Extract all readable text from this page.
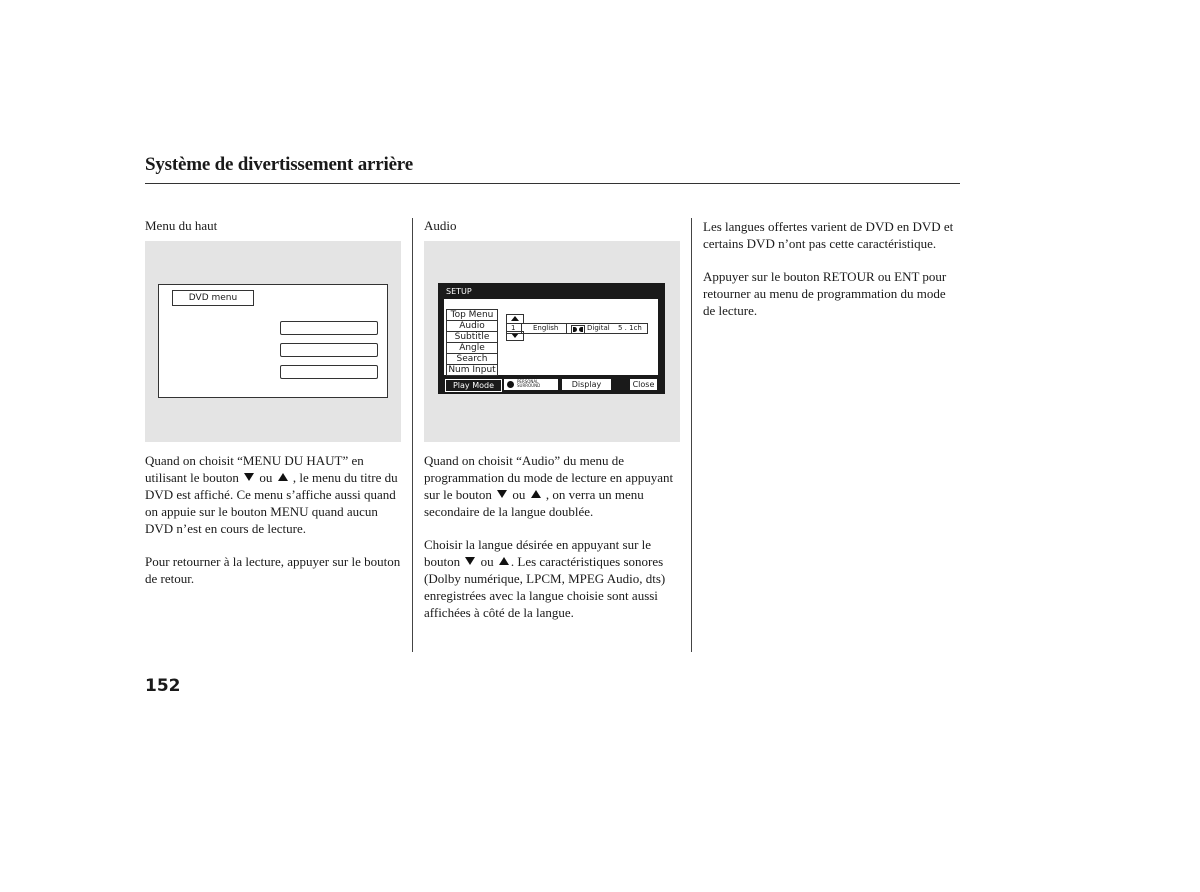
Système de divertissement arrière
Menu du haut
DVD menu

Quand on choisit “MENU DU HAUT” en utilisant le bouton ou , le menu du titre du DVD est affiché. Ce menu s’affiche aussi quand on appuie sur le bouton MENU quand aucun DVD n’est en cours de lecture.

Pour retourner à la lecture, appuyer sur le bouton de retour.

Audio
SETUP
Top Menu
Audio
Subtitle
Angle
Search
Num Input
1	English	Digital 5 . 1ch
Play Mode	PERSONAL
SURROUND	Display	Close

Quand on choisit “Audio” du menu de programmation du mode de lecture en appuyant sur le bouton ou , on verra un menu secondaire de la langue doublée.

Choisir la langue désirée en appuyant sur le bouton ou . Les caractéristiques sonores (Dolby numérique, LPCM, MPEG Audio, dts) enregistrées avec la langue choisie sont aussi affichées à côté de la langue.

Les langues offertes varient de DVD en DVD et certains DVD n’ont pas cette caractéristique.

Appuyer sur le bouton RETOUR ou ENT pour retourner au menu de programmation du mode de lecture.

152
